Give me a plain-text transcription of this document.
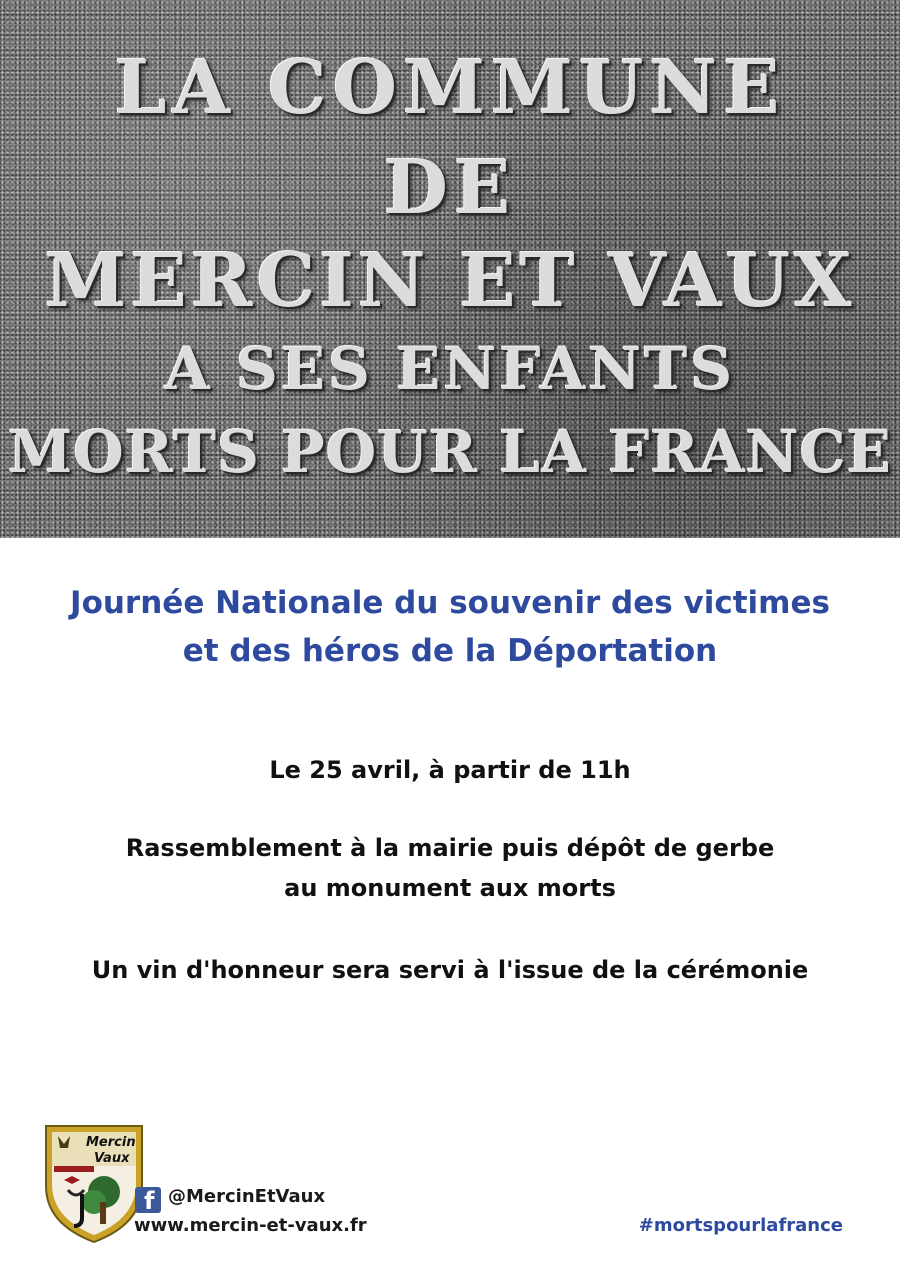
LA COMMUNE

DE

MERCIN ET VAUX

A SES ENFANTS

MORTS POUR LA FRANCE

Journée Nationale du souvenir des victimes
et des héros de la Déportation

Le 25 avril, à partir de 11h

Rassemblement à la mairie puis dépôt de gerbe

au monument aux morts

Un vin d'honneur sera servi à l'issue de la cérémonie

Mercin
Vaux
f @MercinEtVaux
www.mercin-et-vaux.fr	#mortspourlafrance
